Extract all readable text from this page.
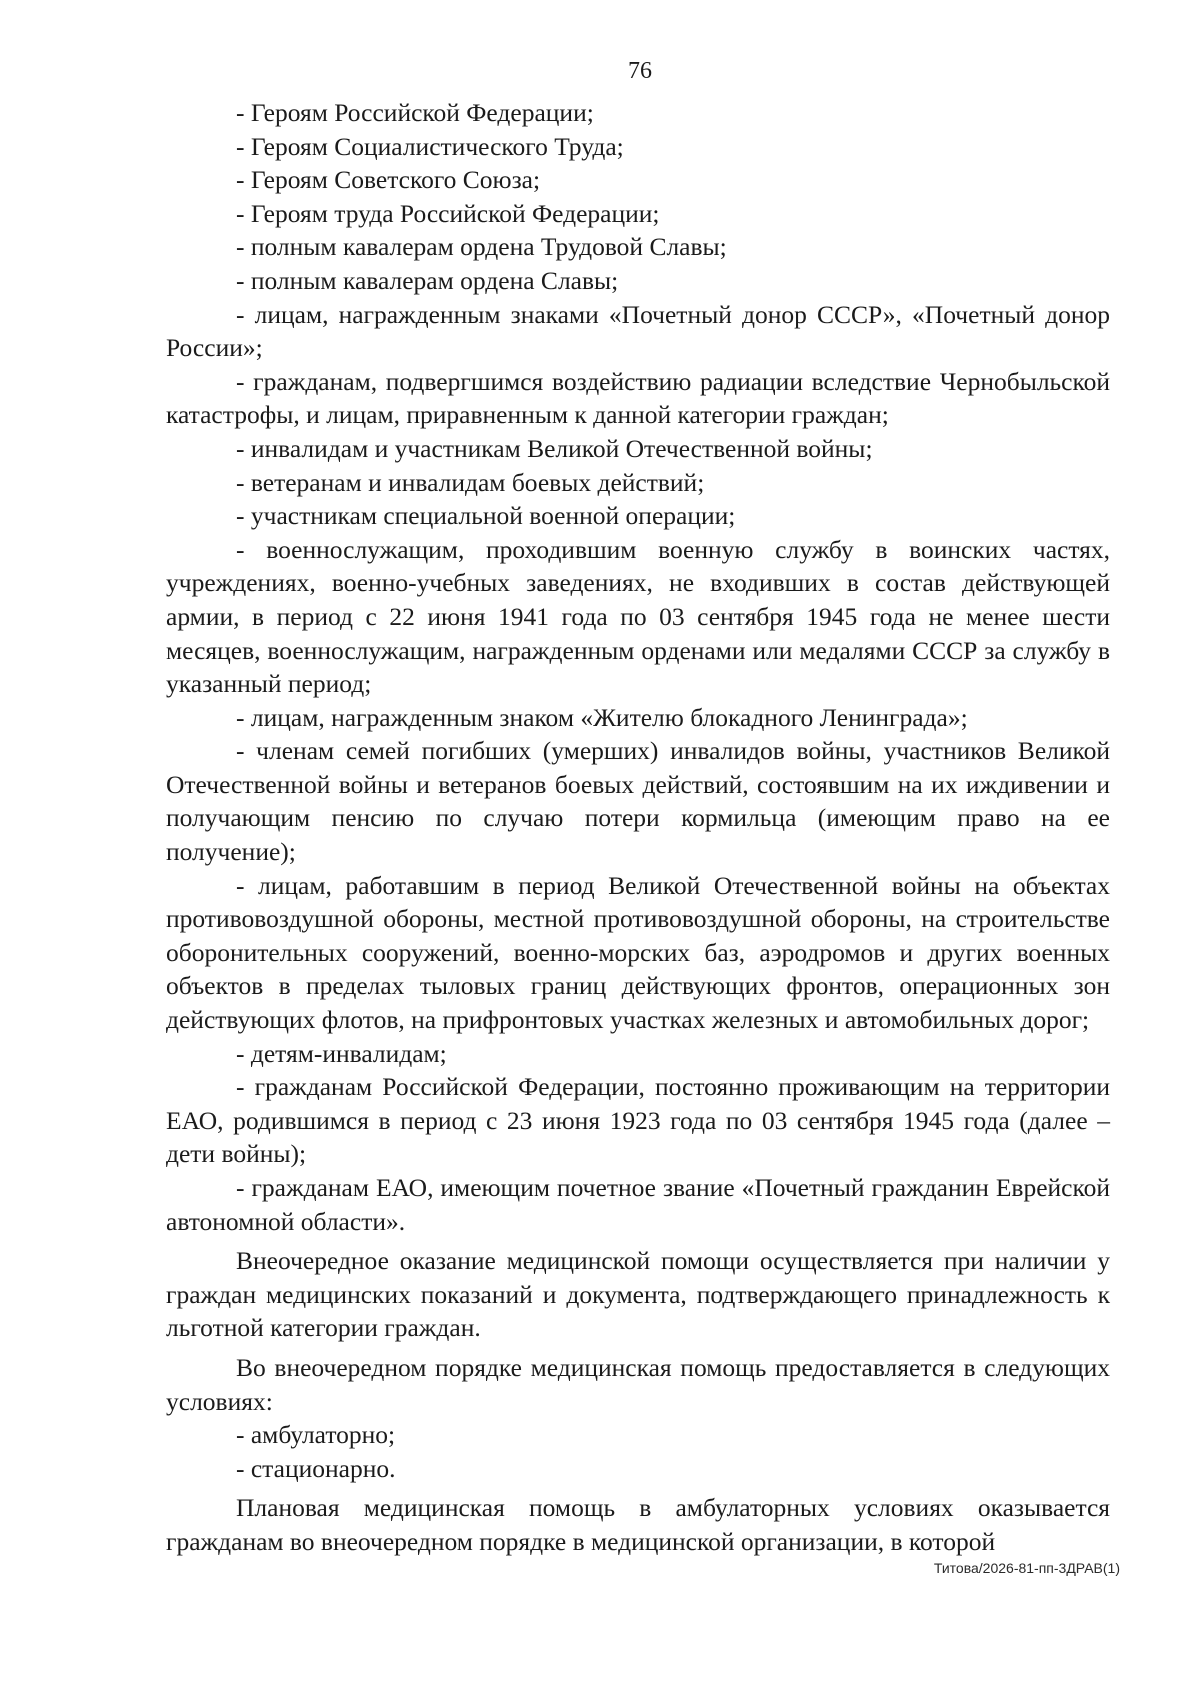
76

- Героям Российской Федерации;

- Героям Социалистического Труда;

- Героям Советского Союза;

- Героям труда Российской Федерации;

- полным кавалерам ордена Трудовой Славы;

- полным кавалерам ордена Славы;

- лицам, награжденным знаками «Почетный донор СССР», «Почетный донор России»;

- гражданам, подвергшимся воздействию радиации вследствие Чернобыльской катастрофы, и лицам, приравненным к данной категории граждан;

- инвалидам и участникам Великой Отечественной войны;

- ветеранам и инвалидам боевых действий;

- участникам специальной военной операции;

- военнослужащим, проходившим военную службу в воинских частях, учреждениях, военно-учебных заведениях, не входивших в состав действующей армии, в период с 22 июня 1941 года по 03 сентября 1945 года не менее шести месяцев, военнослужащим, награжденным орденами или медалями СССР за службу в указанный период;

- лицам, награжденным знаком «Жителю блокадного Ленинграда»;

- членам семей погибших (умерших) инвалидов войны, участников Великой Отечественной войны и ветеранов боевых действий, состоявшим на их иждивении и получающим пенсию по случаю потери кормильца (имеющим право на ее получение);

- лицам, работавшим в период Великой Отечественной войны на объектах противовоздушной обороны, местной противовоздушной обороны, на строительстве оборонительных сооружений, военно-морских баз, аэродромов и других военных объектов в пределах тыловых границ действующих фронтов, операционных зон действующих флотов, на прифронтовых участках железных и автомобильных дорог;

- детям-инвалидам;

- гражданам Российской Федерации, постоянно проживающим на территории ЕАО, родившимся в период с 23 июня 1923 года по 03 сентября 1945 года (далее – дети войны);

- гражданам ЕАО, имеющим почетное звание «Почетный гражданин Еврейской автономной области».

Внеочередное оказание медицинской помощи осуществляется при наличии у граждан медицинских показаний и документа, подтверждающего принадлежность к льготной категории граждан.

Во внеочередном порядке медицинская помощь предоставляется в следующих условиях:

- амбулаторно;

- стационарно.

Плановая медицинская помощь в амбулаторных условиях оказывается гражданам во внеочередном порядке в медицинской организации, в которой

Титова/2026-81-пп-3ДРАВ(1)
